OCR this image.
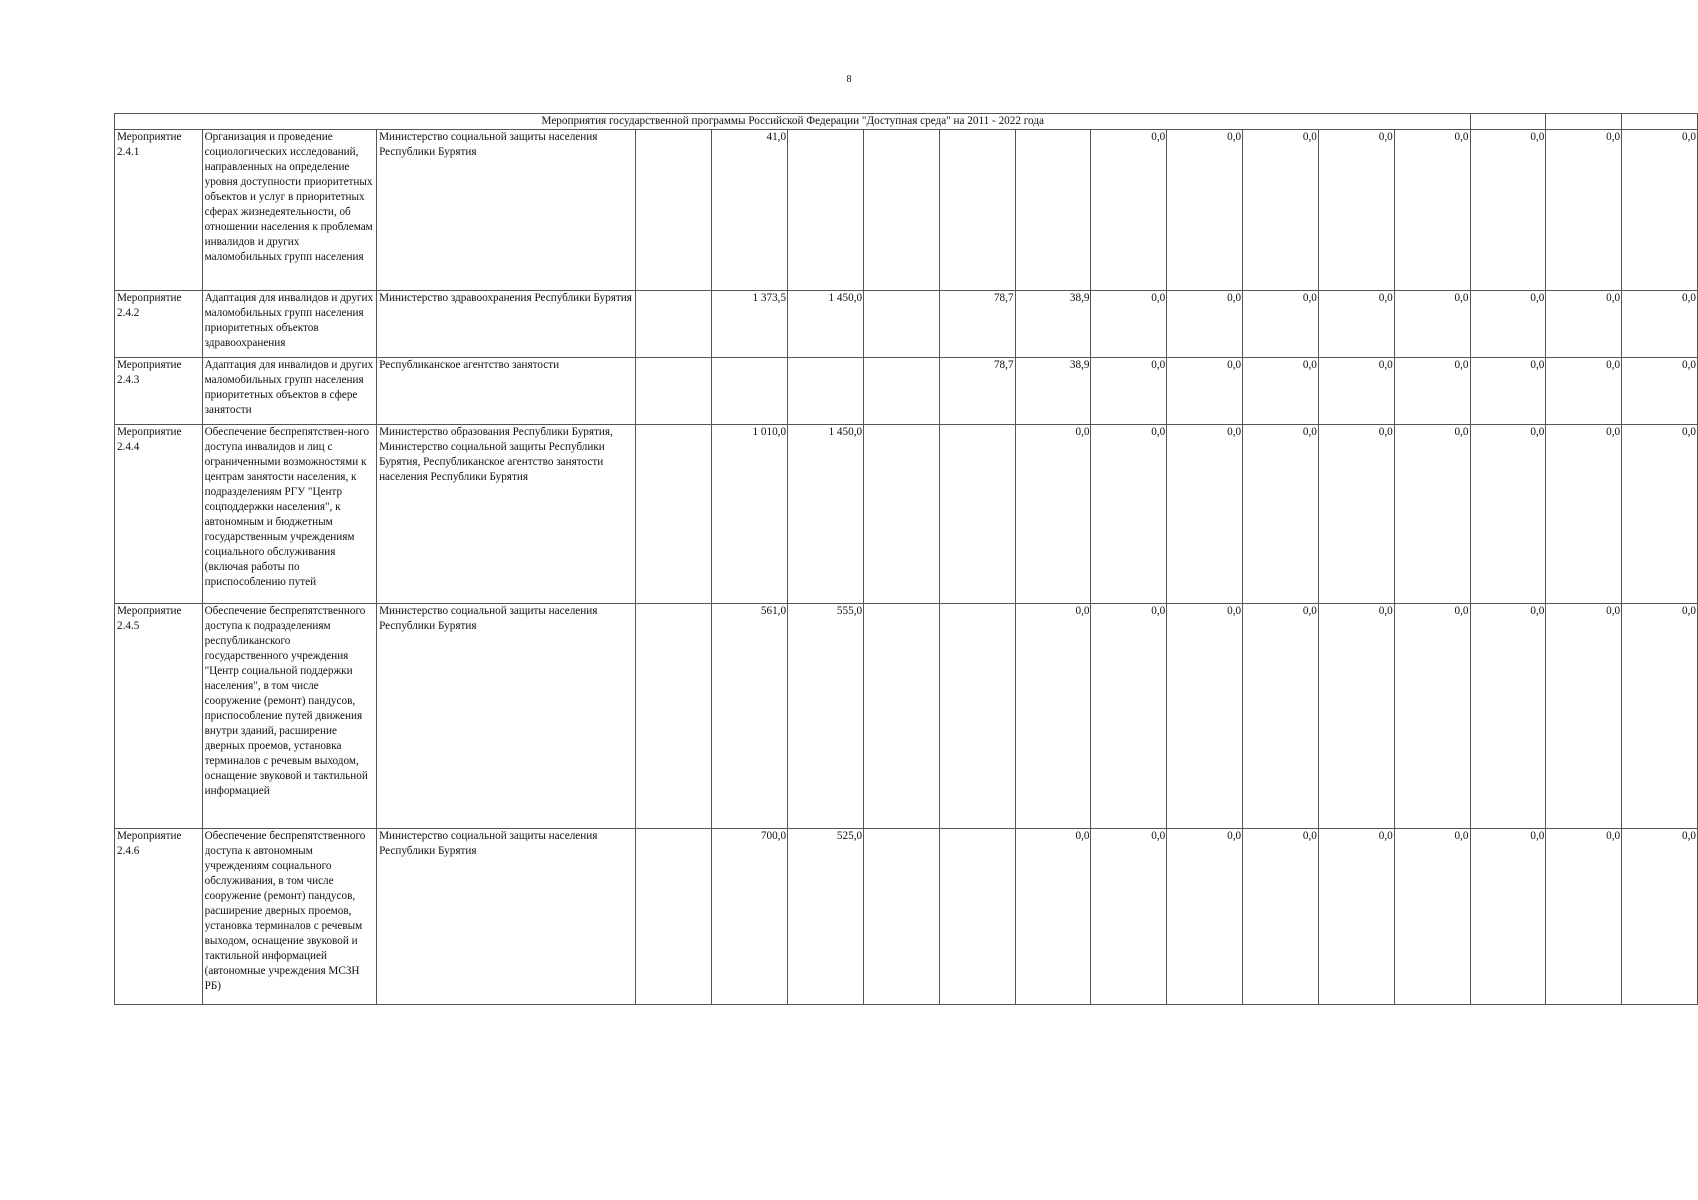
8
Мероприятия государственной программы Российской Федерации "Доступная среда" на 2011 - 2022 года																

Мероприятие 2.4.1	Организация и проведение социологических исследований, направленных на определение уровня доступности приоритетных объектов и услуг в приоритетных сферах жизнедеятельности, об отношении населения к проблемам инвалидов и других маломобильных групп населения	Министерство социальной защиты населения Республики Бурятия		41,0					0,0	0,0	0,0	0,0	0,0	0,0	0,0	0,0

Мероприятие 2.4.2	Адаптация для инвалидов и других маломобильных групп населения приоритетных объектов здравоохранения	Министерство здравоохранения Республики Бурятия		1 373,5	1 450,0		78,7	38,9	0,0	0,0	0,0	0,0	0,0	0,0	0,0	0,0

Мероприятие 2.4.3	Адаптация для инвалидов и других маломобильных групп населения приоритетных объектов в сфере занятости	Республиканское агентство занятости					78,7	38,9	0,0	0,0	0,0	0,0	0,0	0,0	0,0	0,0

Мероприятие 2.4.4	Обеспечение беспрепятствен-ного доступа инвалидов и лиц с ограниченными возможностями к центрам занятости населения, к подразделениям РГУ "Центр соцподдержки населения", к автономным и бюджетным государственным учреждениям социального обслуживания (включая работы по приспособлению путей	Министерство образования Республики Бурятия, Министерство социальной защиты Республики Бурятия, Республиканское агентство занятости населения Республики Бурятия		1 010,0	1 450,0			0,0	0,0	0,0	0,0	0,0	0,0	0,0	0,0	0,0

Мероприятие 2.4.5	Обеспечение беспрепятственного доступа к подразделениям республиканского государственного учреждения "Центр социальной поддержки населения", в том числе сооружение (ремонт) пандусов, приспособление путей движения внутри зданий, расширение дверных проемов, установка терминалов с речевым выходом, оснащение звуковой и тактильной информацией	Министерство социальной защиты населения Республики Бурятия		561,0	555,0			0,0	0,0	0,0	0,0	0,0	0,0	0,0	0,0	0,0

Мероприятие 2.4.6	Обеспечение беспрепятственного доступа к автономным учреждениям социального обслуживания, в том числе сооружение (ремонт) пандусов, расширение дверных проемов, установка терминалов с речевым выходом, оснащение звуковой и тактильной информацией (автономные учреждения МСЗН РБ)	Министерство социальной защиты населения Республики Бурятия		700,0	525,0			0,0	0,0	0,0	0,0	0,0	0,0	0,0	0,0	0,0
